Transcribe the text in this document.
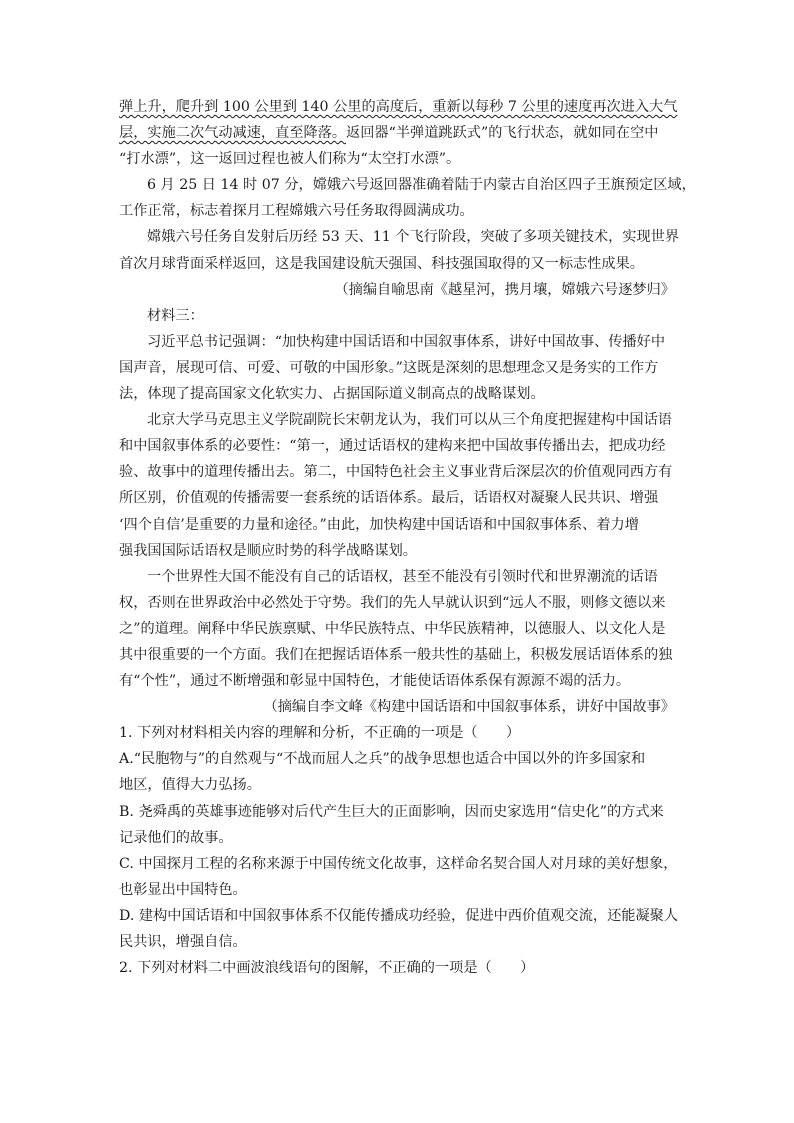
弹上升，爬升到 100 公里到 140 公里的高度后，重新以每秒 7 公里的速度再次进入大气
层，实施二次气动减速，直至降落。返回器“半弹道跳跃式”的飞行状态，就如同在空中
“打水漂”，这一返回过程也被人们称为“太空打水漂”。
6 月 25 日 14 时 07 分，嫦娥六号返回器准确着陆于内蒙古自治区四子王旗预定区域，
工作正常，标志着探月工程嫦娥六号任务取得圆满成功。
嫦娥六号任务自发射后历经 53 天、11 个飞行阶段，突破了多项关键技术，实现世界
首次月球背面采样返回，这是我国建设航天强国、科技强国取得的又一标志性成果。
（摘编自喻思南《越星河，携月壤，嫦娥六号逐梦归》
材料三：
习近平总书记强调：“加快构建中国话语和中国叙事体系，讲好中国故事、传播好中
国声音，展现可信、可爱、可敬的中国形象。”这既是深刻的思想理念又是务实的工作方
法，体现了提高国家文化软实力、占据国际道义制高点的战略谋划。
北京大学马克思主义学院副院长宋朝龙认为，我们可以从三个角度把握建构中国话语
和中国叙事体系的必要性：“第一，通过话语权的建构来把中国故事传播出去，把成功经
验、故事中的道理传播出去。第二，中国特色社会主义事业背后深层次的价值观同西方有
所区别，价值观的传播需要一套系统的话语体系。最后，话语权对凝聚人民共识、增强
‘四个自信’是重要的力量和途径。”由此，加快构建中国话语和中国叙事体系、着力增
强我国国际话语权是顺应时势的科学战略谋划。
一个世界性大国不能没有自己的话语权，甚至不能没有引领时代和世界潮流的话语
权，否则在世界政治中必然处于守势。我们的先人早就认识到“远人不服，则修文德以来
之”的道理。阐释中华民族禀赋、中华民族特点、中华民族精神，以德服人、以文化人是
其中很重要的一个方面。我们在把握话语体系一般共性的基础上，积极发展话语体系的独
有“个性”，通过不断增强和彰显中国特色，才能使话语体系保有源源不竭的活力。
（摘编自李文峰《构建中国话语和中国叙事体系，讲好中国故事》
1. 下列对材料相关内容的理解和分析，不正确的一项是（　　）
A.“民胞物与”的自然观与“不战而屈人之兵”的战争思想也适合中国以外的许多国家和
地区，值得大力弘扬。
B. 尧舜禹的英雄事迹能够对后代产生巨大的正面影响，因而史家选用“信史化”的方式来
记录他们的故事。
C. 中国探月工程的名称来源于中国传统文化故事，这样命名契合国人对月球的美好想象，
也彰显出中国特色。
D. 建构中国话语和中国叙事体系不仅能传播成功经验，促进中西价值观交流，还能凝聚人
民共识，增强自信。
2. 下列对材料二中画波浪线语句的图解，不正确的一项是（　　）
